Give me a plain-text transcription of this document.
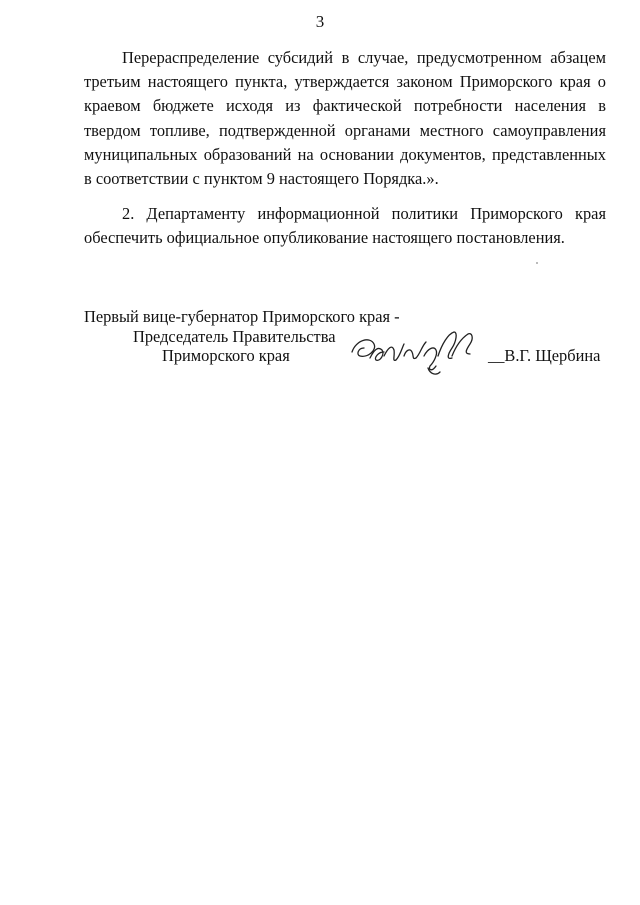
3

Перераспределение субсидий в случае, предусмотренном абзацем третьим настоящего пункта, утверждается законом Приморского края о краевом бюджете исходя из фактической потребности населения в твердом топливе, подтвержденной органами местного самоуправления муниципальных образований на основании документов, представленных в соответствии с пунктом 9 настоящего Порядка.».

2. Департаменту информационной политики Приморского края обеспечить официальное опубликование настоящего постановления.

Первый вице-губернатор Приморского края -
Председатель Правительства
Приморского края	__В.Г. Щербина
